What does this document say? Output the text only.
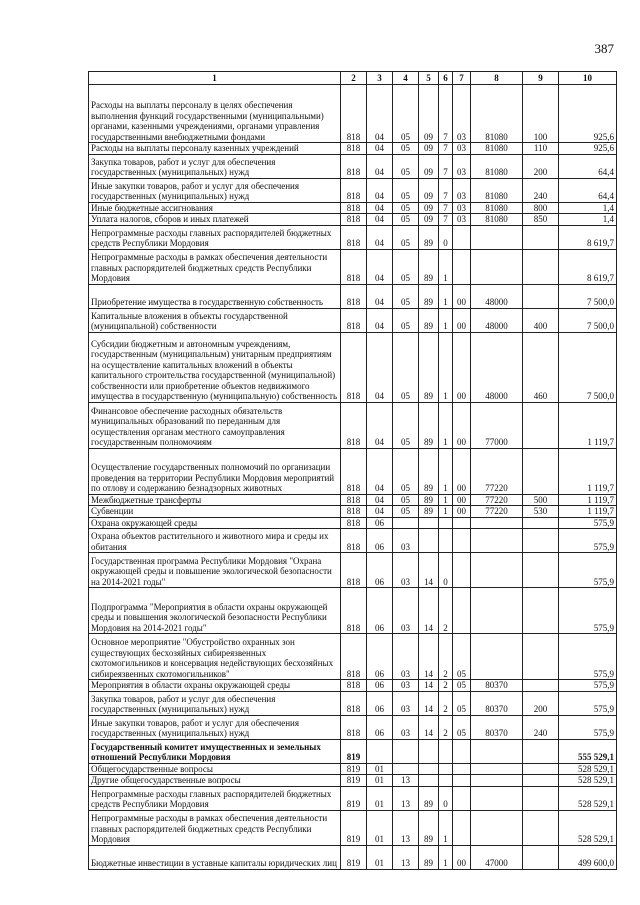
387
1	2	3	4	5	6	7	8	9	10
Расходы на выплаты персоналу в целях обеспечения выполнения функций государственными (муниципальными) органами, казенными учреждениями, органами управления государственными внебюджетными фондами	818	04	05	09	7	03	81080	100	925,6
Расходы на выплаты персоналу казенных учреждений	818	04	05	09	7	03	81080	110	925,6
Закупка товаров, работ и услуг для обеспечения государственных (муниципальных) нужд	818	04	05	09	7	03	81080	200	64,4
Иные закупки товаров, работ и услуг для обеспечения государственных (муниципальных) нужд	818	04	05	09	7	03	81080	240	64,4
Иные бюджетные ассигнования	818	04	05	09	7	03	81080	800	1,4
Уплата налогов, сборов и иных платежей	818	04	05	09	7	03	81080	850	1,4
Непрограммные расходы главных распорядителей бюджетных средств Республики Мордовия	818	04	05	89	0				8 619,7
Непрограммные расходы в рамках обеспечения деятельности главных распорядителей бюджетных средств Республики Мордовия	818	04	05	89	1				8 619,7
Приобретение имущества в государственную собственность	818	04	05	89	1	00	48000		7 500,0
Капитальные вложения в объекты государственной (муниципальной) собственности	818	04	05	89	1	00	48000	400	7 500,0
Субсидии бюджетным и автономным учреждениям, государственным (муниципальным) унитарным предприятиям на осуществление капитальных вложений в объекты капитального строительства государственной (муниципальной) собственности или приобретение объектов недвижимого имущества в государственную (муниципальную) собственность	818	04	05	89	1	00	48000	460	7 500,0
Финансовое обеспечение расходных обязательств муниципальных образований по переданным для осуществления органам местного самоуправления государственным полномочиям	818	04	05	89	1	00	77000		1 119,7
Осуществление государственных полномочий по организации проведения на территории Республики Мордовия мероприятий по отлову и содержанию безнадзорных животных	818	04	05	89	1	00	77220		1 119,7
Межбюджетные трансферты	818	04	05	89	1	00	77220	500	1 119,7
Субвенции	818	04	05	89	1	00	77220	530	1 119,7
Охрана окружающей среды	818	06							575,9
Охрана объектов растительного и животного мира и среды их обитания	818	06	03						575,9
Государственная программа Республики Мордовия "Охрана окружающей среды и повышение экологической безопасности на 2014-2021 годы"	818	06	03	14	0				575,9
Подпрограмма "Мероприятия в области охраны окружающей среды и повышения экологической безопасности Республики Мордовия на 2014-2021 годы"	818	06	03	14	2				575,9
Основное мероприятие "Обустройство охранных зон существующих бесхозяйных сибиреязвенных скотомогильников и консервация недействующих бесхозяйных сибиреязвенных скотомогильников"	818	06	03	14	2	05			575,9
Мероприятия в области охраны окружающей среды	818	06	03	14	2	05	80370		575,9
Закупка товаров, работ и услуг для обеспечения государственных (муниципальных) нужд	818	06	03	14	2	05	80370	200	575,9
Иные закупки товаров, работ и услуг для обеспечения государственных (муниципальных) нужд	818	06	03	14	2	05	80370	240	575,9
Государственный комитет имущественных и земельных отношений Республики Мордовия	819								555 529,1
Общегосударственные вопросы	819	01							528 529,1
Другие общегосударственные вопросы	819	01	13						528 529,1
Непрограммные расходы главных распорядителей бюджетных средств Республики Мордовия	819	01	13	89	0				528 529,1
Непрограммные расходы в рамках обеспечения деятельности главных распорядителей бюджетных средств Республики Мордовия	819	01	13	89	1				528 529,1
Бюджетные инвестиции в уставные капиталы юридических лиц	819	01	13	89	1	00	47000		499 600,0
